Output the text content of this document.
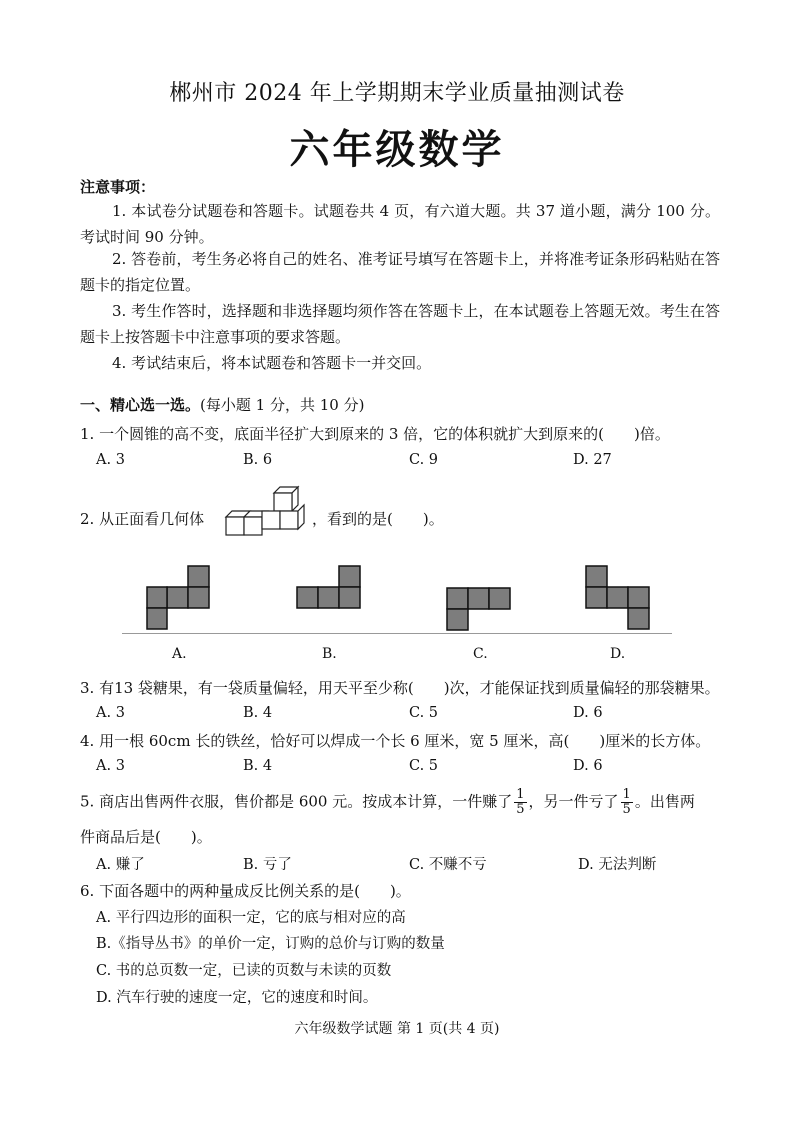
郴州市 2024 年上学期期末学业质量抽测试卷
六年级数学
注意事项：
1. 本试卷分试题卷和答题卡。试题卷共 4 页，有六道大题。共 37 道小题，满分 100 分。考试时间 90 分钟。
2. 答卷前，考生务必将自己的姓名、准考证号填写在答题卡上，并将准考证条形码粘贴在答题卡的指定位置。
3. 考生作答时，选择题和非选择题均须作答在答题卡上，在本试题卷上答题无效。考生在答题卡上按答题卡中注意事项的要求答题。
4. 考试结束后，将本试题卷和答题卡一并交回。
一、精心选一选。(每小题 1 分，共 10 分)
1. 一个圆锥的高不变，底面半径扩大到原来的 3 倍，它的体积就扩大到原来的( )倍。
A. 3	B. 6	C. 9	D. 27
2. 从正面看几何体	，看到的是( )。
A.	B.	C.	D.
3. 有13 袋糖果，有一袋质量偏轻，用天平至少称( )次，才能保证找到质量偏轻的那袋糖果。
A. 3	B. 4	C. 5	D. 6
4. 用一根 60cm 长的铁丝，恰好可以焊成一个长 6 厘米，宽 5 厘米，高( )厘米的长方体。
A. 3	B. 4	C. 5	D. 6
5. 商店出售两件衣服，售价都是 600 元。按成本计算，一件赚了 $\frac{1}{5}$ ，另一件亏了 $\frac{1}{5}$ 。出售两
件商品后是( )。
A. 赚了	B. 亏了	C. 不赚不亏	D. 无法判断
6. 下面各题中的两种量成反比例关系的是( )。
A. 平行四边形的面积一定，它的底与相对应的高
B.《指导丛书》的单价一定，订购的总价与订购的数量
C. 书的总页数一定，已读的页数与未读的页数
D. 汽车行驶的速度一定，它的速度和时间。
六年级数学试题 第 1 页(共 4 页)
